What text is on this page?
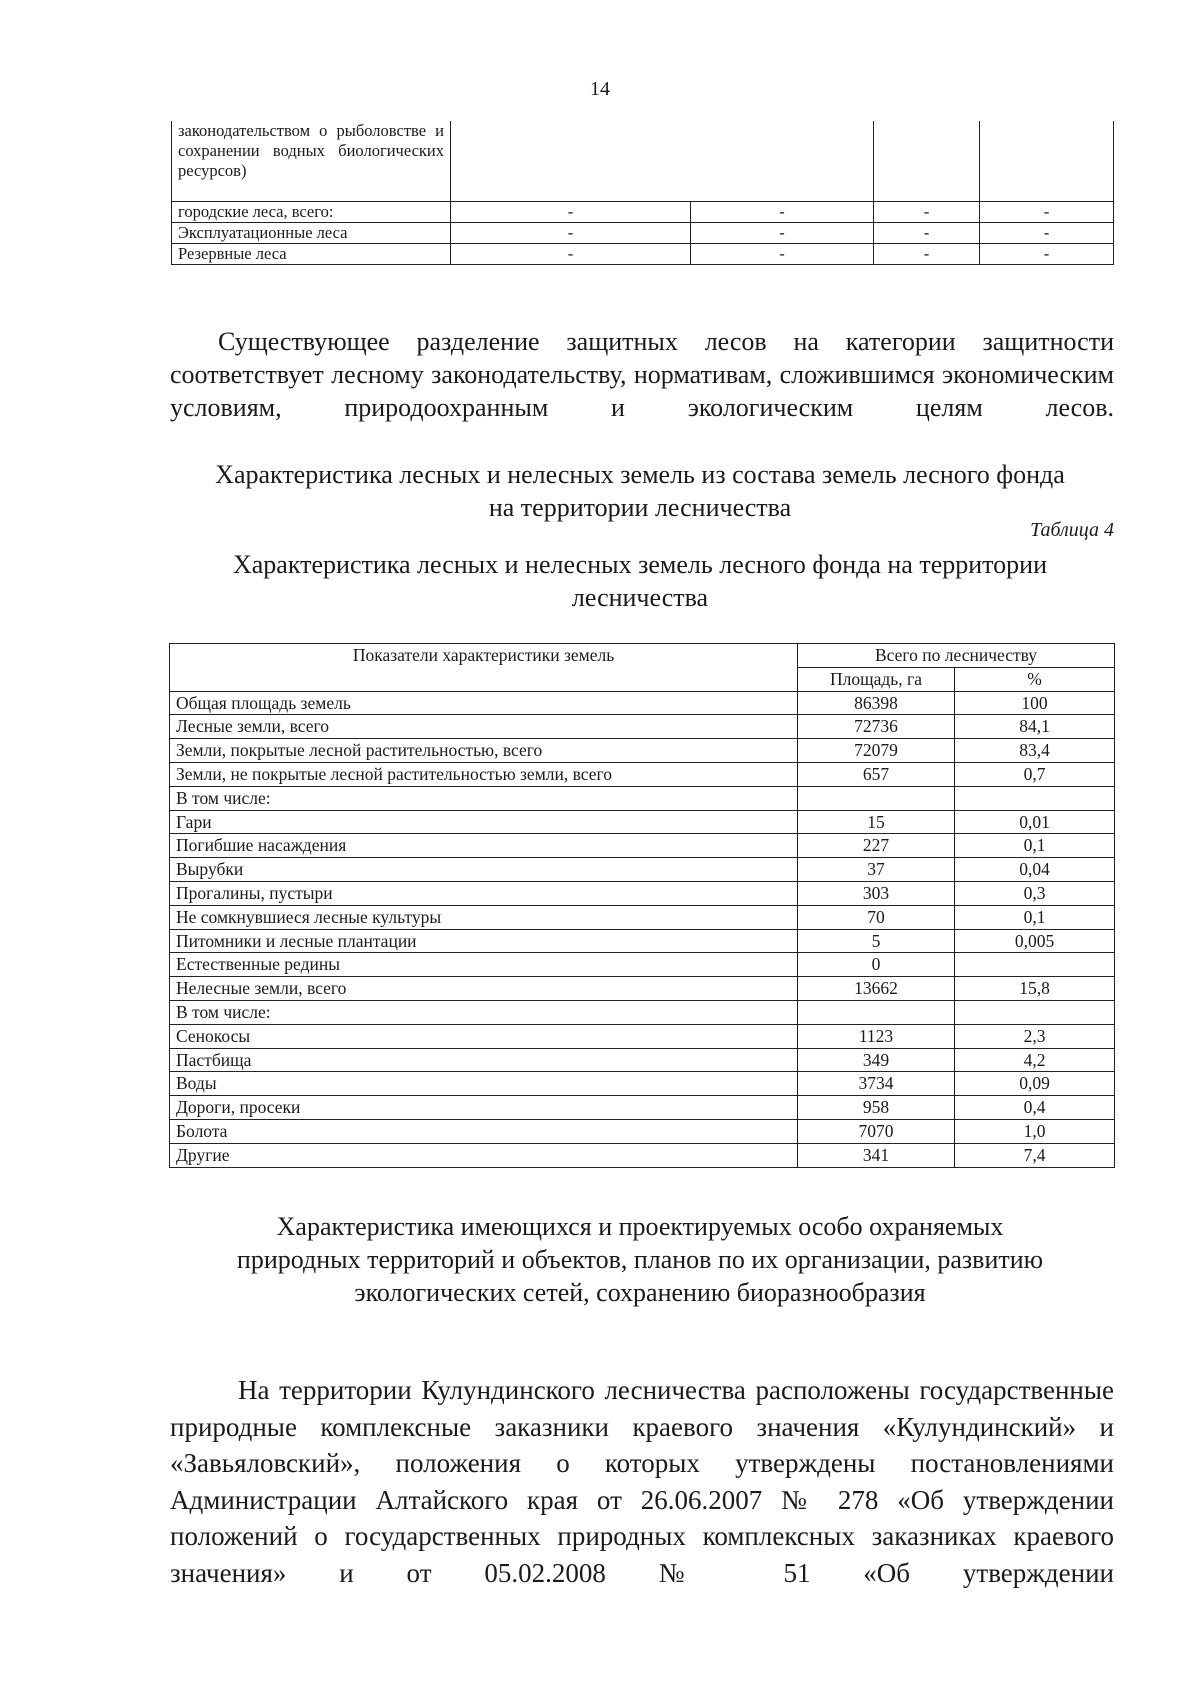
14
законодательством о рыболовстве и сохранении водных биологических ресурсов)				
городские леса, всего:	-	-	-	-
Эксплуатационные леса	-	-	-	-
Резервные леса	-	-	-	-
Существующее разделение защитных лесов на категории защитности соответствует лесному законодательству, нормативам, сложившимся экономическим условиям, природоохранным и экологическим целям лесов.
Характеристика лесных и нелесных земель из состава земель лесного фонда на территории лесничества
Таблица 4
Характеристика лесных и нелесных земель лесного фонда на территории лесничества
Показатели характеристики земель	Всего по лесничеству	
	Площадь, га	%
Общая площадь земель	86398	100
Лесные земли, всего	72736	84,1
Земли, покрытые лесной растительностью, всего	72079	83,4
Земли, не покрытые лесной растительностью земли, всего	657	0,7
В том числе:		
Гари	15	0,01
Погибшие насаждения	227	0,1
Вырубки	37	0,04
Прогалины, пустыри	303	0,3
Не сомкнувшиеся лесные культуры	70	0,1
Питомники и лесные плантации	5	0,005
Естественные редины	0	
Нелесные земли, всего	13662	15,8
В том числе:		
Сенокосы	1123	2,3
Пастбища	349	4,2
Воды	3734	0,09
Дороги, просеки	958	0,4
Болота	7070	1,0
Другие	341	7,4
Характеристика имеющихся и проектируемых особо охраняемых природных территорий и объектов, планов по их организации, развитию экологических сетей, сохранению биоразнообразия
На территории Кулундинского лесничества расположены государственные природные комплексные заказники краевого значения «Кулундинский» и «Завьяловский», положения о которых утверждены постановлениями Администрации Алтайского края от 26.06.2007 № 278 «Об утверждении положений о государственных природных комплексных заказниках краевого значения» и от 05.02.2008 № 51 «Об утверждении
